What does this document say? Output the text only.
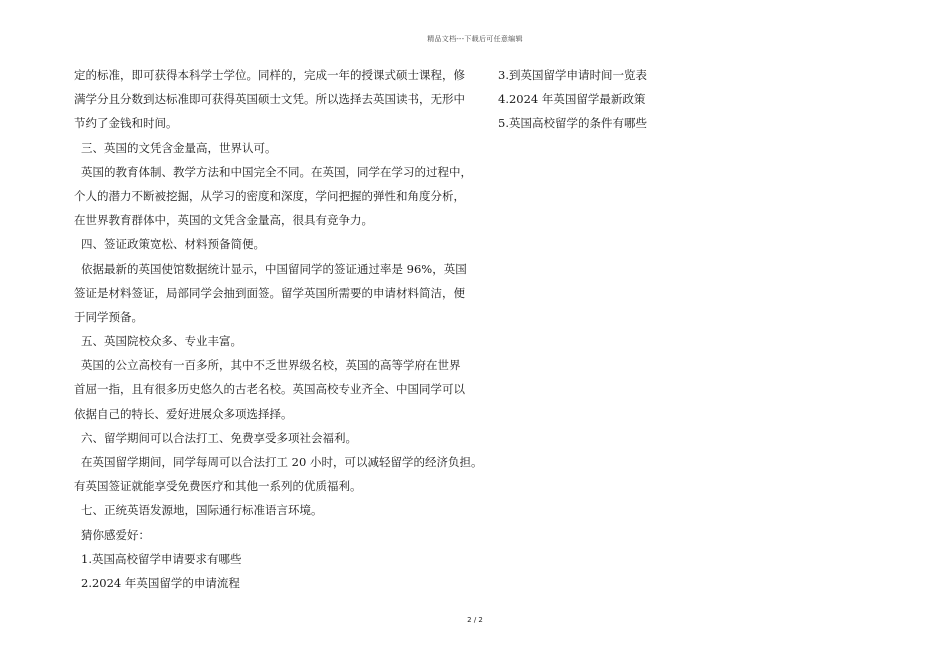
精品文档---下载后可任意编辑
定的标准，即可获得本科学士学位。同样的，完成一年的授课式硕士课程，修
满学分且分数到达标准即可获得英国硕士文凭。所以选择去英国读书，无形中
节约了金钱和时间。
三、英国的文凭含金量高，世界认可。
英国的教育体制、教学方法和中国完全不同。在英国，同学在学习的过程中，
个人的潜力不断被挖掘，从学习的密度和深度，学问把握的弹性和角度分析，
在世界教育群体中，英国的文凭含金量高，很具有竞争力。
四、签证政策宽松、材料预备简便。
依据最新的英国使馆数据统计显示，中国留同学的签证通过率是 96%，英国
签证是材料签证，局部同学会抽到面签。留学英国所需要的申请材料简洁，便
于同学预备。
五、英国院校众多、专业丰富。
英国的公立高校有一百多所，其中不乏世界级名校，英国的高等学府在世界
首屈一指，且有很多历史悠久的古老名校。英国高校专业齐全、中国同学可以
依据自己的特长、爱好进展众多项选择择。
六、留学期间可以合法打工、免费享受多项社会福利。
在英国留学期间，同学每周可以合法打工 20 小时，可以减轻留学的经济负担。
有英国签证就能享受免费医疗和其他一系列的优质福利。
七、正统英语发源地，国际通行标准语言环境。
猜你感爱好：
1.英国高校留学申请要求有哪些
2.2024 年英国留学的申请流程
3.到英国留学申请时间一览表
4.2024 年英国留学最新政策
5.英国高校留学的条件有哪些
2 / 2
